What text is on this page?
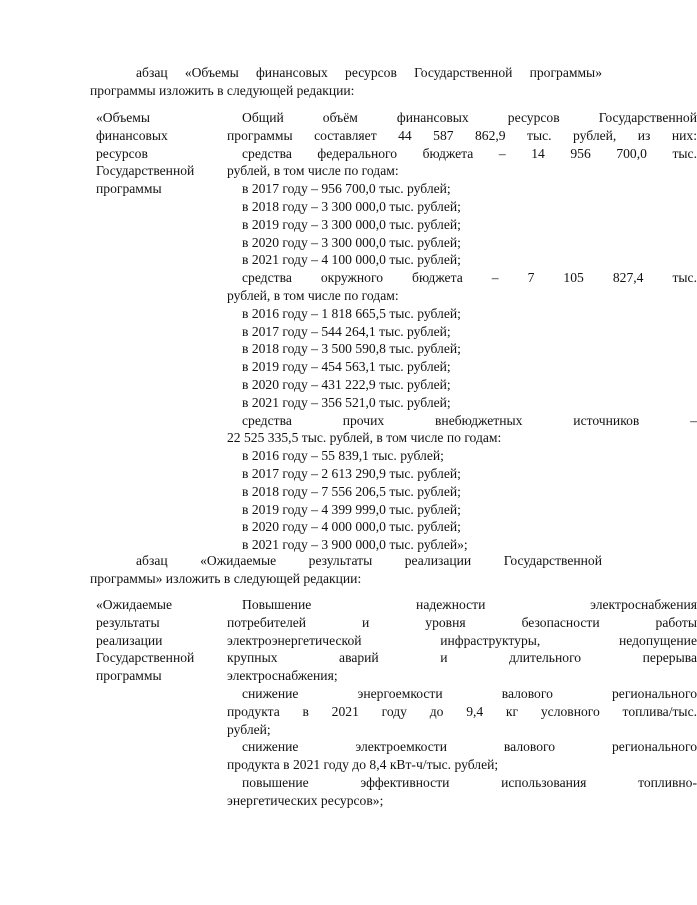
абзац «Объемы финансовых ресурсов Государственной программы»
программы изложить в следующей редакции:
«Объемы
финансовых
ресурсов
Государственной
программы
Общий объём финансовых ресурсов Государственной
программы составляет 44 587 862,9 тыс. рублей, из них:
средства федерального бюджета – 14 956 700,0 тыс.
рублей, в том числе по годам:
в 2017 году – 956 700,0 тыс. рублей;
в 2018 году – 3 300 000,0 тыс. рублей;
в 2019 году – 3 300 000,0 тыс. рублей;
в 2020 году – 3 300 000,0 тыс. рублей;
в 2021 году – 4 100 000,0 тыс. рублей;
средства окружного бюджета – 7 105 827,4 тыс.
рублей, в том числе по годам:
в 2016 году – 1 818 665,5 тыс. рублей;
в 2017 году – 544 264,1 тыс. рублей;
в 2018 году – 3 500 590,8 тыс. рублей;
в 2019 году – 454 563,1 тыс. рублей;
в 2020 году – 431 222,9 тыс. рублей;
в 2021 году – 356 521,0 тыс. рублей;
средства прочих внебюджетных источников –
22 525 335,5 тыс. рублей, в том числе по годам:
в 2016 году – 55 839,1 тыс. рублей;
в 2017 году – 2 613 290,9 тыс. рублей;
в 2018 году – 7 556 206,5 тыс. рублей;
в 2019 году – 4 399 999,0 тыс. рублей;
в 2020 году – 4 000 000,0 тыс. рублей;
в 2021 году – 3 900 000,0 тыс. рублей»;
абзац «Ожидаемые результаты реализации Государственной
программы» изложить в следующей редакции:
«Ожидаемые
результаты
реализации
Государственной
программы
Повышение надежности электроснабжения
потребителей и уровня безопасности работы
электроэнергетической инфраструктуры, недопущение
крупных аварий и длительного перерыва
электроснабжения;
снижение энергоемкости валового регионального
продукта в 2021 году до 9,4 кг условного топлива/тыс.
рублей;
снижение электроемкости валового регионального
продукта в 2021 году до 8,4 кВт-ч/тыс. рублей;
повышение эффективности использования топливно-
энергетических ресурсов»;
